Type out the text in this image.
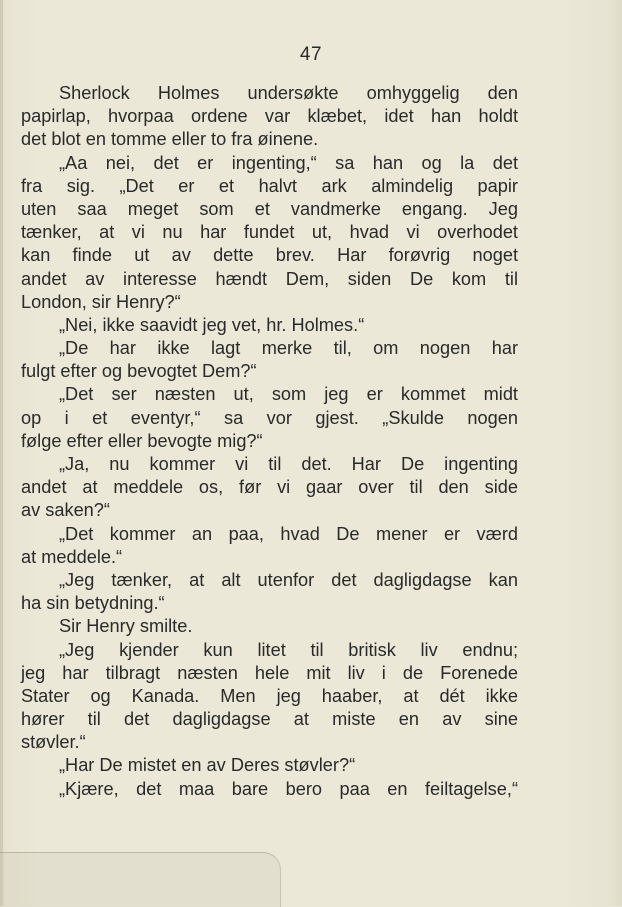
47
Sherlock Holmes undersøkte omhyggelig den
papirlap, hvorpaa ordene var klæbet, idet han holdt
det blot en tomme eller to fra øinene.
„Aa nei, det er ingenting,“ sa han og la det
fra sig. „Det er et halvt ark almindelig papir
uten saa meget som et vandmerke engang. Jeg
tænker, at vi nu har fundet ut, hvad vi overhodet
kan finde ut av dette brev. Har forøvrig noget
andet av interesse hændt Dem, siden De kom til
London, sir Henry?“
„Nei, ikke saavidt jeg vet, hr. Holmes.“
„De har ikke lagt merke til, om nogen har
fulgt efter og bevogtet Dem?“
„Det ser næsten ut, som jeg er kommet midt
op i et eventyr,“ sa vor gjest. „Skulde nogen
følge efter eller bevogte mig?“
„Ja, nu kommer vi til det. Har De ingenting
andet at meddele os, før vi gaar over til den side
av saken?“
„Det kommer an paa, hvad De mener er værd
at meddele.“
„Jeg tænker, at alt utenfor det dagligdagse kan
ha sin betydning.“
Sir Henry smilte.
„Jeg kjender kun litet til britisk liv endnu;
jeg har tilbragt næsten hele mit liv i de Forenede
Stater og Kanada. Men jeg haaber, at dét ikke
hører til det dagligdagse at miste en av sine
støvler.“
„Har De mistet en av Deres støvler?“
„Kjære, det maa bare bero paa en feiltagelse,“
